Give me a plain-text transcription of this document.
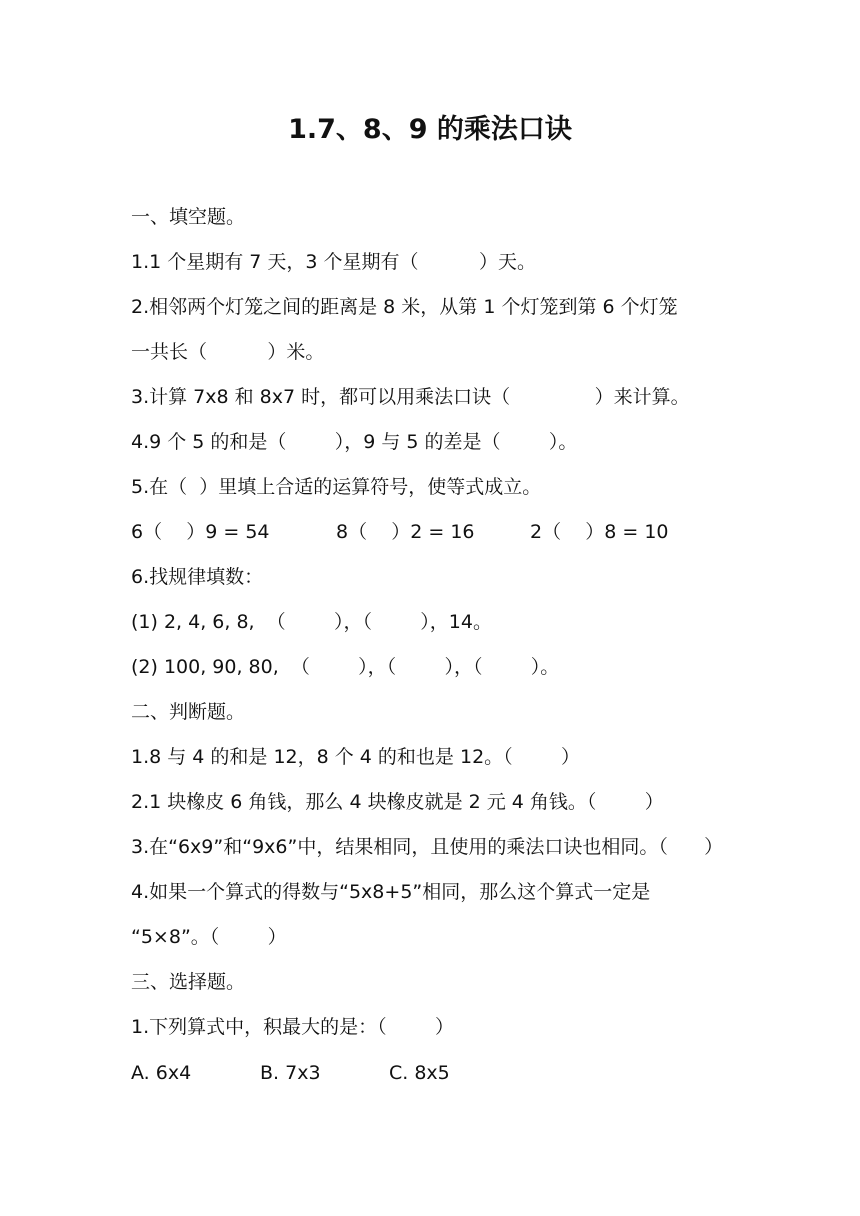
1.7、8、9 的乘法口诀
一、填空题。
1.1 个星期有 7 天，3 个星期有（          ）天。
2.相邻两个灯笼之间的距离是 8 米，从第 1 个灯笼到第 6 个灯笼
一共长（          ）米。
3.计算 7x8 和 8x7 时，都可以用乘法口诀（              ）来计算。
4.9 个 5 的和是（        ），9 与 5 的差是（        ）。
5.在（  ）里填上合适的运算符号，使等式成立。
6（    ）9 = 54	8（    ）2 = 16	2（    ）8 = 10
6.找规律填数：
(1) 2, 4, 6, 8,  （        ），（        ），14。
(2) 100, 90, 80,  （        ），（        ），（        ）。
二、判断题。
1.8 与 4 的和是 12，8 个 4 的和也是 12。（        ）
2.1 块橡皮 6 角钱，那么 4 块橡皮就是 2 元 4 角钱。（        ）
3.在“6x9”和“9x6”中，结果相同，且使用的乘法口诀也相同。（      ）
4.如果一个算式的得数与“5x8+5”相同，那么这个算式一定是
“5×8”。（        ）
三、选择题。
1.下列算式中，积最大的是：（        ）
A. 6x4	B. 7x3	C. 8x5
